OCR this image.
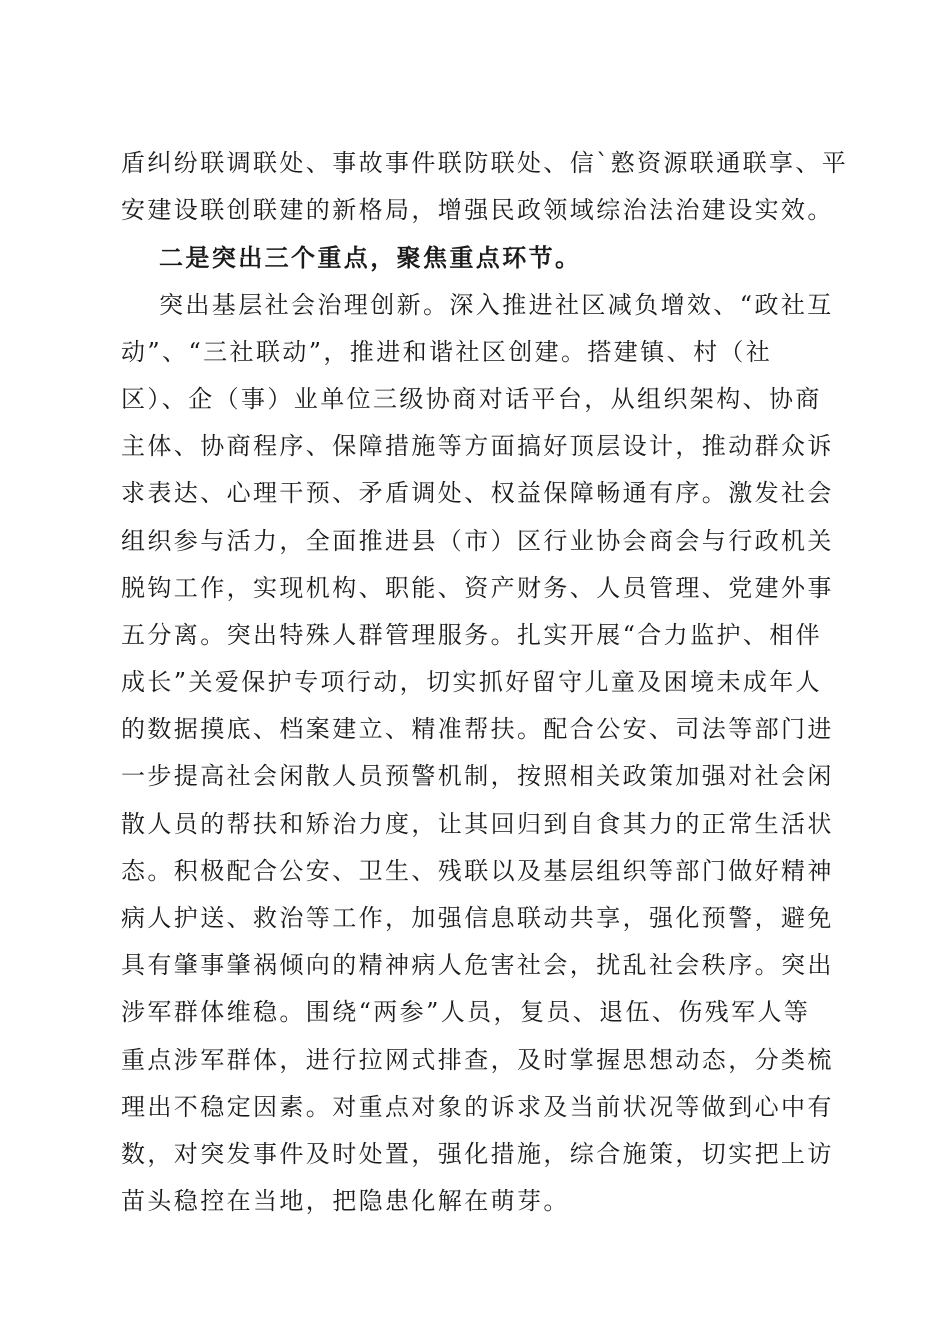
盾纠纷联调联处、事故事件联防联处、信`憝资源联通联享、平
安建设联创联建的新格局，增强民政领域综治法治建设实效。
二是突出三个重点，聚焦重点环节。
突出基层社会治理创新。深入推进社区减负增效、“政社互
动”、“三社联动”，推进和谐社区创建。搭建镇、村（社
区）、企（事）业单位三级协商对话平台，从组织架构、协商
主体、协商程序、保障措施等方面搞好顶层设计，推动群众诉
求表达、心理干预、矛盾调处、权益保障畅通有序。激发社会
组织参与活力，全面推进县（市）区行业协会商会与行政机关
脱钩工作，实现机构、职能、资产财务、人员管理、党建外事
五分离。突出特殊人群管理服务。扎实开展“合力监护、相伴
成长”关爱保护专项行动，切实抓好留守儿童及困境未成年人
的数据摸底、档案建立、精准帮扶。配合公安、司法等部门进
一步提高社会闲散人员预警机制，按照相关政策加强对社会闲
散人员的帮扶和矫治力度，让其回归到自食其力的正常生活状
态。积极配合公安、卫生、残联以及基层组织等部门做好精神
病人护送、救治等工作，加强信息联动共享，强化预警，避免
具有肇事肇祸倾向的精神病人危害社会，扰乱社会秩序。突出
涉军群体维稳。围绕“两参”人员，复员、退伍、伤残军人等
重点涉军群体，进行拉网式排查，及时掌握思想动态，分类梳
理出不稳定因素。对重点对象的诉求及当前状况等做到心中有
数，对突发事件及时处置，强化措施，综合施策，切实把上访
苗头稳控在当地，把隐患化解在萌芽。
